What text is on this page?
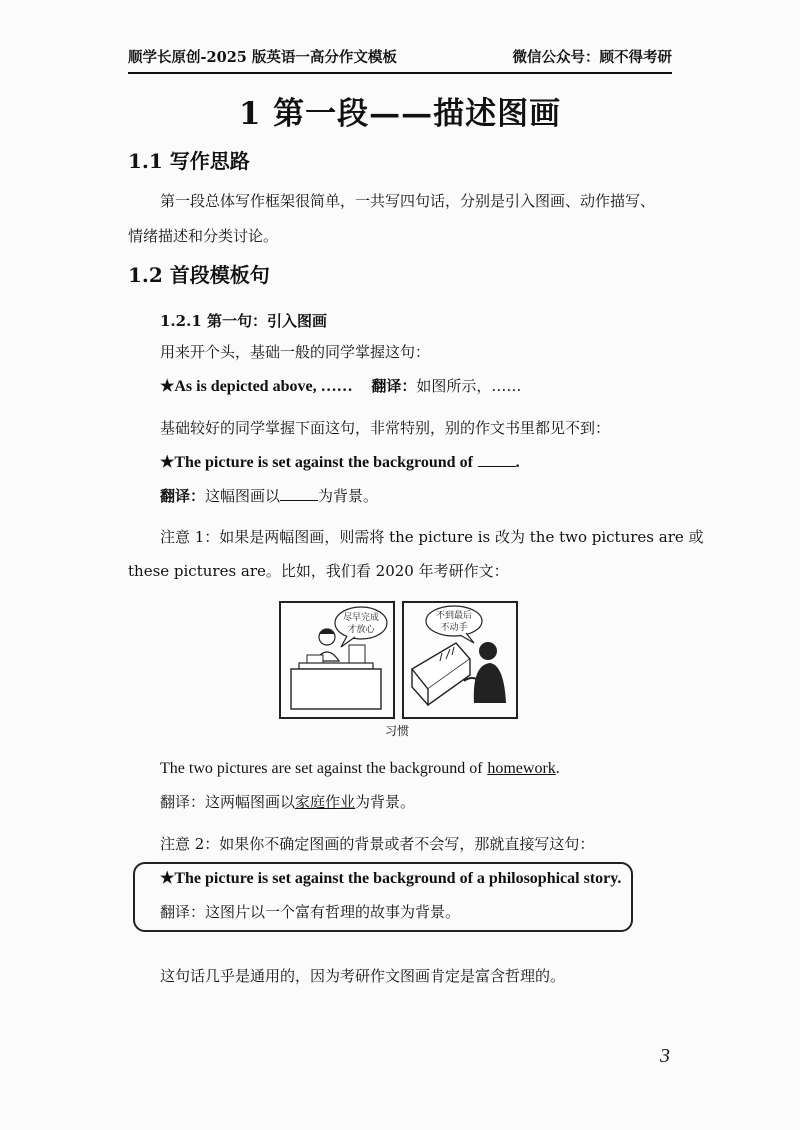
顺学长原创-2025 版英语一高分作文模板	微信公众号：顾不得考研
1 第一段——描述图画
1.1 写作思路
第一段总体写作框架很简单，一共写四句话，分别是引入图画、动作描写、
情绪描述和分类讨论。
1.2 首段模板句
1.2.1 第一句：引入图画
用来开个头，基础一般的同学掌握这句：
★As is depicted above, …… 翻译：如图所示，……
基础较好的同学掌握下面这句，非常特别，别的作文书里都见不到：
★The picture is set against the background of	.
翻译：这幅图画以	为背景。
注意 1：如果是两幅图画，则需将 the picture is 改为 the two pictures are 或
these pictures are。比如，我们看 2020 年考研作文：
尽早完成
才放心
不到最后
不动手
习惯
The two pictures are set against the background of homework.
翻译：这两幅图画以家庭作业为背景。
注意 2：如果你不确定图画的背景或者不会写，那就直接写这句：
★The picture is set against the background of a philosophical story.
翻译：这图片以一个富有哲理的故事为背景。
这句话几乎是通用的，因为考研作文图画肯定是富含哲理的。
3
